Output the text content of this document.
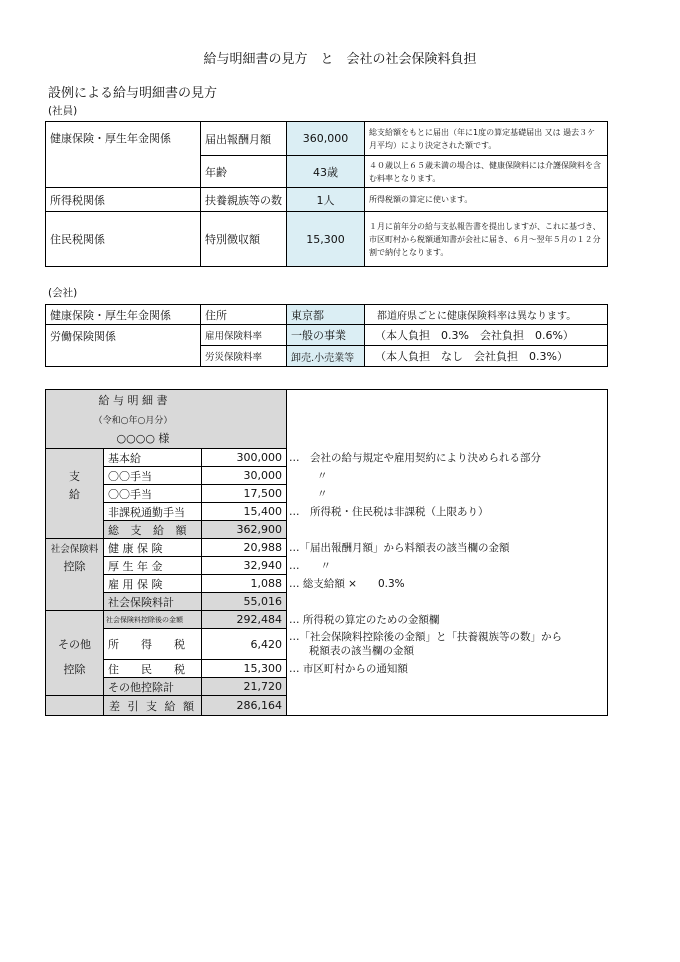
給与明細書の見方　と　会社の社会保険料負担
設例による給与明細書の見方
(社員)
健康保険・厚生年金関係	届出報酬月額	360,000	総支給額をもとに届出（年に1度の算定基礎届出 又は 過去３ケ月平均）により決定された額です。
	年齢	43歳	４０歳以上６５歳未満の場合は、健康保険料には介護保険料を含む料率となります。
所得税関係	扶養親族等の数	1人	所得税額の算定に使います。
住民税関係	特別徴収額	15,300	１月に前年分の給与支払報告書を提出しますが、これに基づき、市区町村から税額通知書が会社に届き、６月～翌年５月の１２分割で納付となります。
(会社)
健康保険・厚生年金関係	住所	東京都	都道府県ごとに健康保険料率は異なります。
労働保険関係	雇用保険料率	一般の事業	（本人負担　0.3%　会社負担　0.6%）
	労災保険料率	卸売.小売業等	（本人負担　なし　会社負担　0.3%）
給 与 明 細 書			
（令和○年○月分）			
○○○○ 様			
	基本給	300,000	…　会社の給与規定や雇用契約により決められる部分
支	〇〇手当	30,000	〃
給	〇〇手当	17,500	〃
	非課税通勤手当	15,400	…　所得税・住民税は非課税（上限あり）
	総 支 給 額	362,900	
社会保険料	健 康 保 険	20,988	…「届出報酬月額」から料額表の該当欄の金額
控除	厚 生 年 金	32,940	…　　〃
	雇 用 保 険	1,088	… 総支給額 ×　　0.3%
	社会保険料計	55,016	
	社会保険料控除後の金額	292,484	… 所得税の算定のための金額欄
その他	所　　得　　税	6,420	…「社会保険料控除後の金額」と「扶養親族等の数」から
税額表の該当欄の金額

控除	住　　民　　税	15,300	… 市区町村からの通知額
	その他控除計	21,720	
	差 引 支 給 額	286,164	
